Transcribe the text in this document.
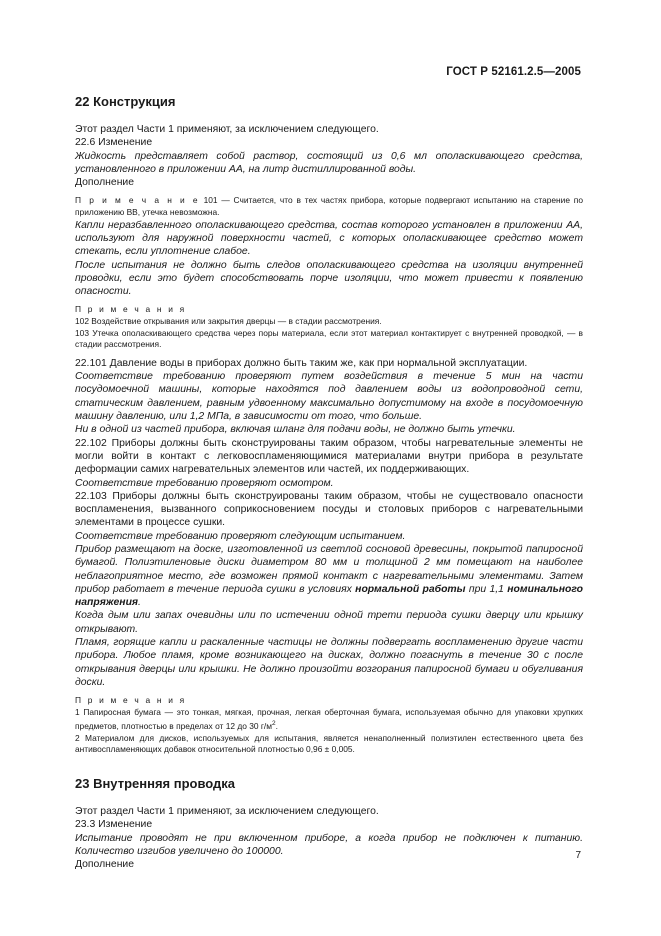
ГОСТ Р 52161.2.5—2005
22 Конструкция

Этот раздел Части 1 применяют, за исключением следующего.

22.6 Изменение

Жидкость представляет собой раствор, состоящий из 0,6 мл ополаскивающего средства, установленного в приложении АА, на литр дистиллированной воды.

Дополнение

П р и м е ч а н и е 101 — Считается, что в тех частях прибора, которые подвергают испытанию на старение по приложению ВВ, утечка невозможна.

Капли неразбавленного ополаскивающего средства, состав которого установлен в приложении АА, используют для наружной поверхности частей, с которых ополаскивающее средство может стекать, если уплотнение слабое.

После испытания не должно быть следов ополаскивающего средства на изоляции внутренней проводки, если это будет способствовать порче изоляции, что может привести к появлению опасности.

П р и м е ч а н и я

102 Воздействие открывания или закрытия дверцы — в стадии рассмотрения.

103 Утечка ополаскивающего средства через поры материала, если этот материал контактирует с внутренней проводкой, — в стадии рассмотрения.

22.101 Давление воды в приборах должно быть таким же, как при нормальной эксплуатации.

Соответствие требованию проверяют путем воздействия в течение 5 мин на части посудомоечной машины, которые находятся под давлением воды из водопроводной сети, статическим давлением, равным удвоенному максимально допустимому на входе в посудомоечную машину давлению, или 1,2 МПа, в зависимости от того, что больше.

Ни в одной из частей прибора, включая шланг для подачи воды, не должно быть утечки.

22.102 Приборы должны быть сконструированы таким образом, чтобы нагревательные элементы не могли войти в контакт с легковоспламеняющимися материалами внутри прибора в результате деформации самих нагревательных элементов или частей, их поддерживающих.

Соответствие требованию проверяют осмотром.

22.103 Приборы должны быть сконструированы таким образом, чтобы не существовало опасности воспламенения, вызванного соприкосновением посуды и столовых приборов с нагревательными элементами в процессе сушки.

Соответствие требованию проверяют следующим испытанием.

Прибор размещают на доске, изготовленной из светлой сосновой древесины, покрытой папиросной бумагой. Полиэтиленовые диски диаметром 80 мм и толщиной 2 мм помещают на наиболее неблагоприятное место, где возможен прямой контакт с нагревательными элементами. Затем прибор работает в течение периода сушки в условиях нормальной работы при 1,1 номинального напряжения.

Когда дым или запах очевидны или по истечении одной трети периода сушки дверцу или крышку открывают.

Пламя, горящие капли и раскаленные частицы не должны подвергать воспламенению другие части прибора. Любое пламя, кроме возникающего на дисках, должно погаснуть в течение 30 с после открывания дверцы или крышки. Не должно произойти возгорания папиросной бумаги и обугливания доски.

П р и м е ч а н и я

1 Папиросная бумага — это тонкая, мягкая, прочная, легкая оберточная бумага, используемая обычно для упаковки хрупких предметов, плотностью в пределах от 12 до 30 $г/м^2$.

2 Материалом для дисков, используемых для испытания, является ненаполненный полиэтилен естественного цвета без антивоспламеняющих добавок относительной плотностью 0,96 ± 0,005.

23 Внутренняя проводка

Этот раздел Части 1 применяют, за исключением следующего.

23.3 Изменение

Испытание проводят не при включенном приборе, а когда прибор не подключен к питанию. Количество изгибов увеличено до 100000.

Дополнение

7
